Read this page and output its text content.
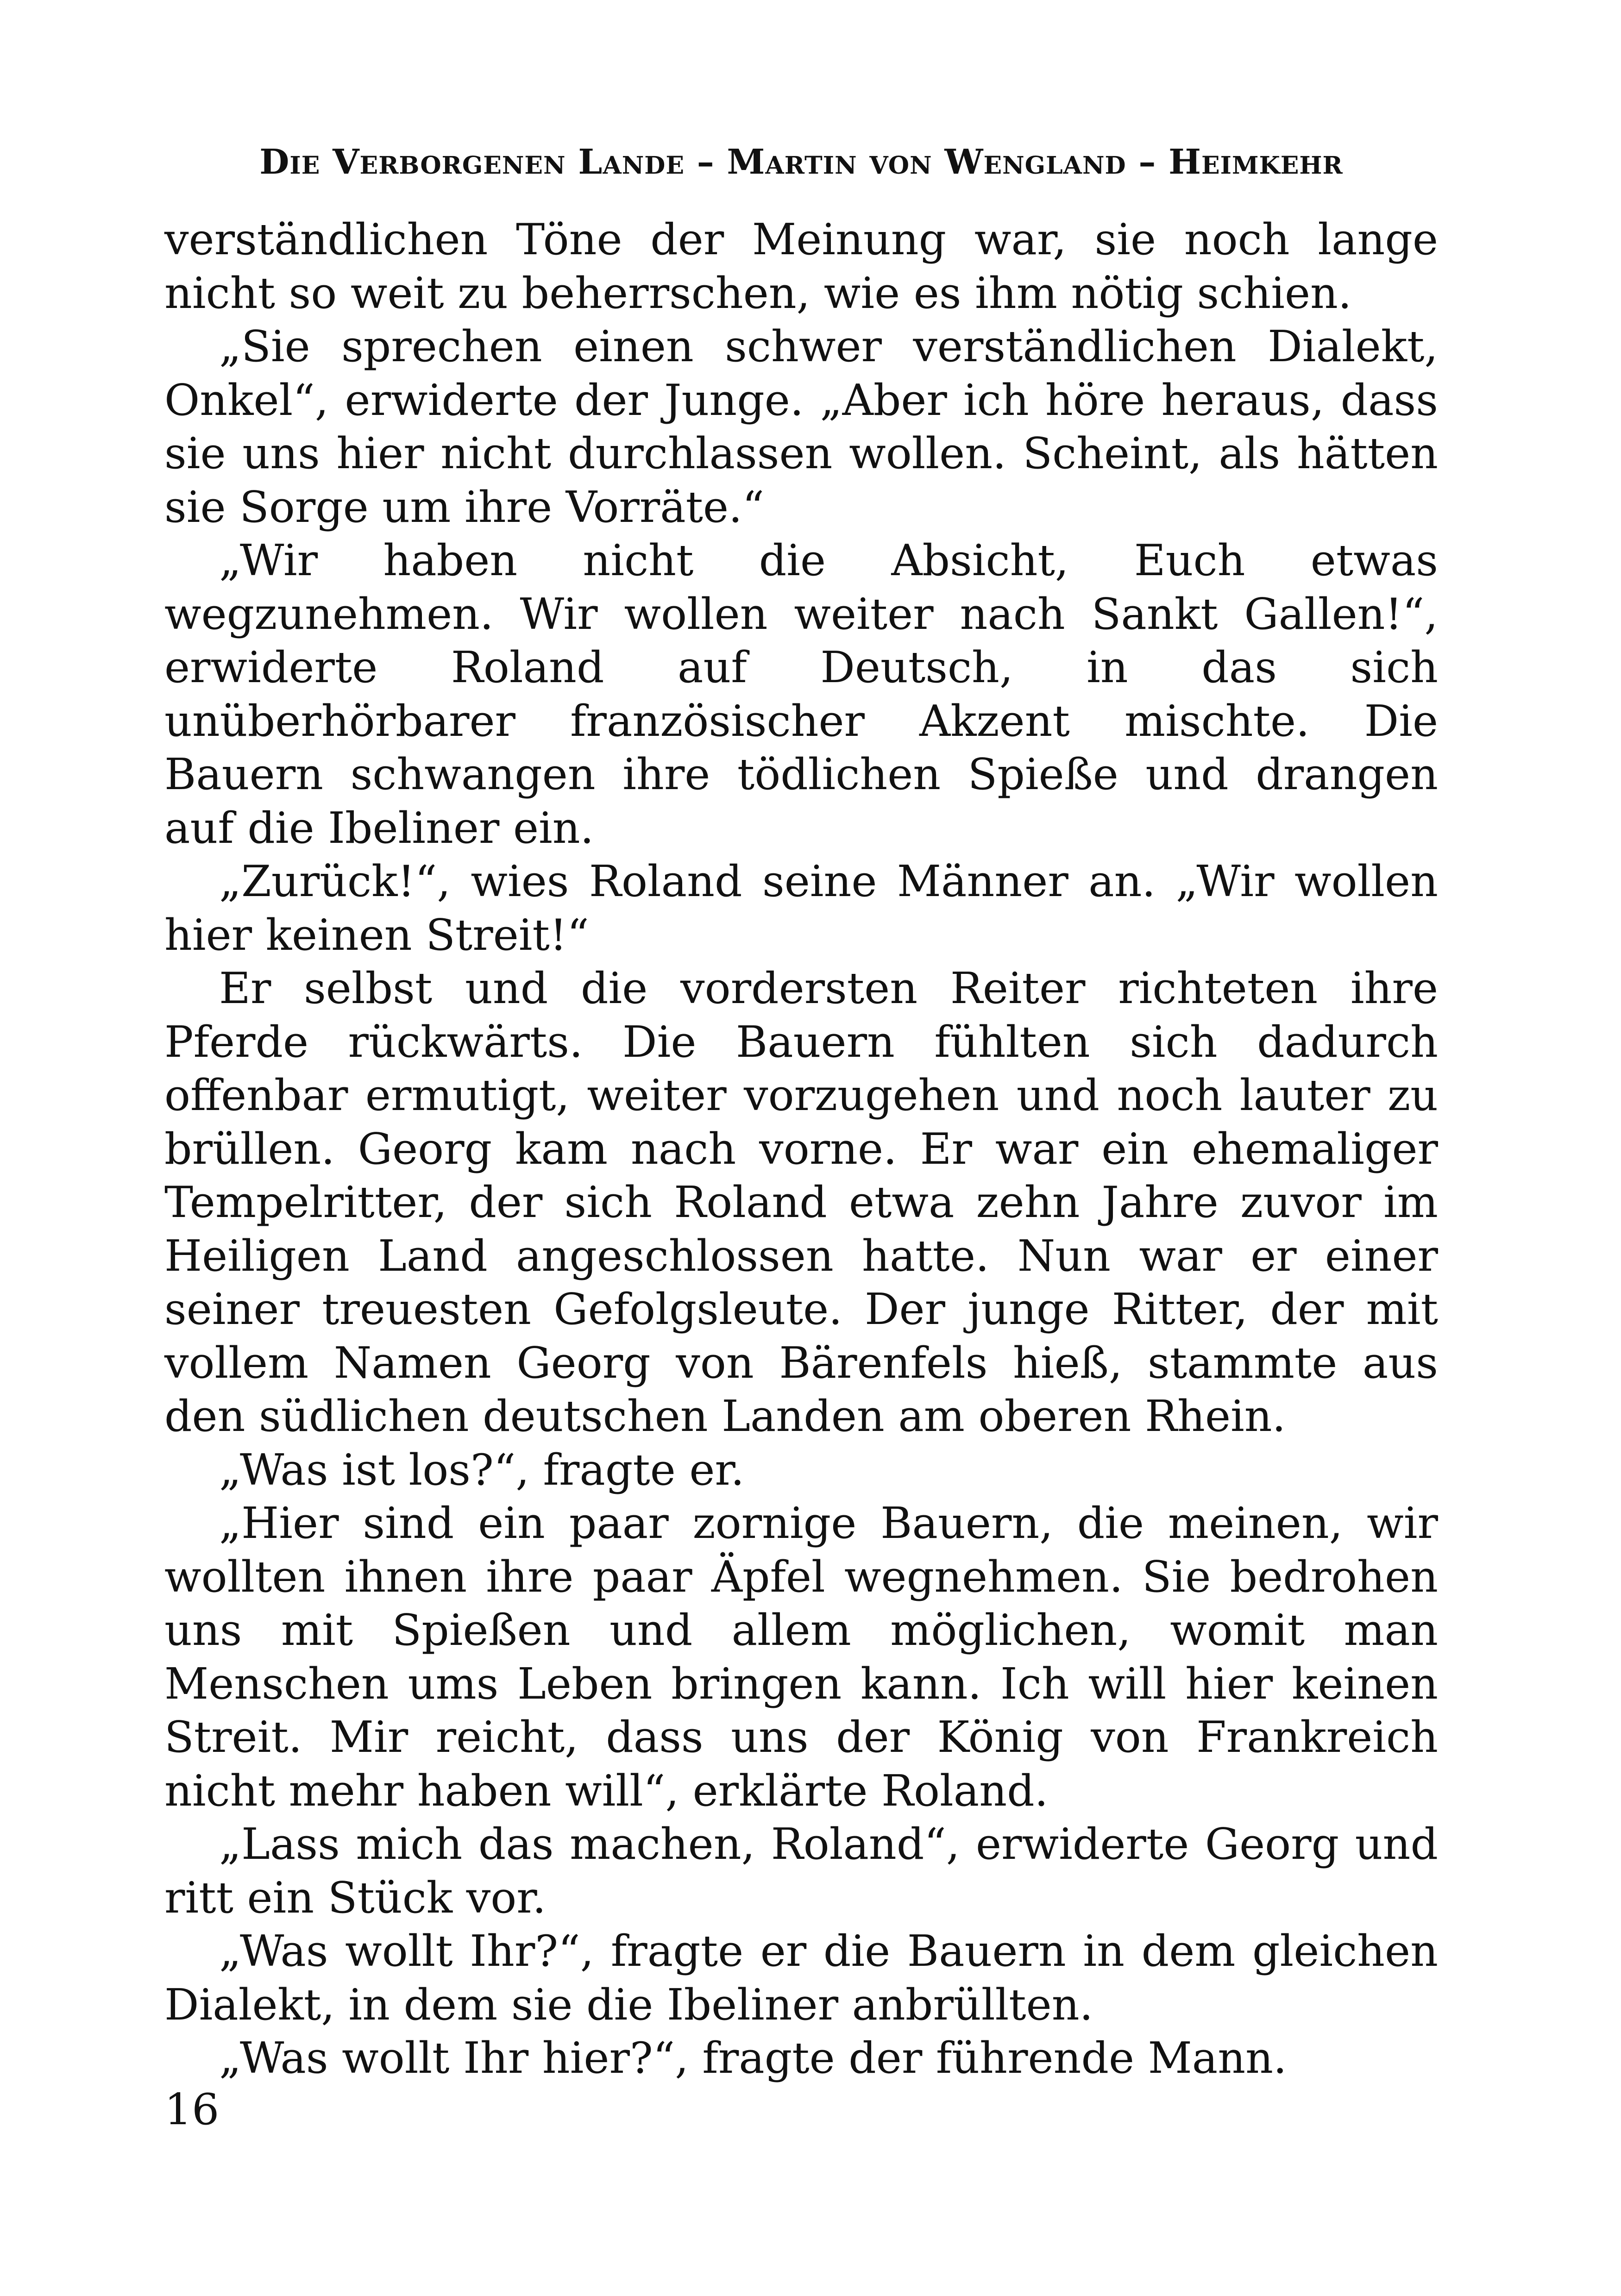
Die Verborgenen Lande – Martin von Wengland – Heimkehr

verständlichen Töne der Meinung war, sie noch lange nicht so weit zu beherrschen, wie es ihm nötig schien.

„Sie sprechen einen schwer verständlichen Dialekt, Onkel“, erwiderte der Junge. „Aber ich höre heraus, dass sie uns hier nicht durchlassen wollen. Scheint, als hätten sie Sorge um ihre Vorräte.“

„Wir haben nicht die Absicht, Euch etwas wegzunehmen. Wir wollen weiter nach Sankt Gallen!“, erwiderte Roland auf Deutsch, in das sich unüberhörbarer französischer Akzent mischte. Die Bauern schwangen ihre tödlichen Spieße und drangen auf die Ibeliner ein.

„Zurück!“, wies Roland seine Männer an. „Wir wollen hier keinen Streit!“

Er selbst und die vordersten Reiter richteten ihre Pferde rückwärts. Die Bauern fühlten sich dadurch offenbar ermutigt, weiter vorzugehen und noch lauter zu brüllen. Georg kam nach vorne. Er war ein ehemaliger Tempelritter, der sich Roland etwa zehn Jahre zuvor im Heiligen Land angeschlossen hatte. Nun war er einer seiner treuesten Gefolgsleute. Der junge Ritter, der mit vollem Namen Georg von Bärenfels hieß, stammte aus den südlichen deutschen Landen am oberen Rhein.

„Was ist los?“, fragte er.

„Hier sind ein paar zornige Bauern, die meinen, wir wollten ihnen ihre paar Äpfel wegnehmen. Sie bedrohen uns mit Spießen und allem möglichen, womit man Menschen ums Leben bringen kann. Ich will hier keinen Streit. Mir reicht, dass uns der König von Frankreich nicht mehr haben will“, erklärte Roland.

„Lass mich das machen, Roland“, erwiderte Georg und ritt ein Stück vor.

„Was wollt Ihr?“, fragte er die Bauern in dem gleichen Dialekt, in dem sie die Ibeliner anbrüllten.

„Was wollt Ihr hier?“, fragte der führende Mann.

16
